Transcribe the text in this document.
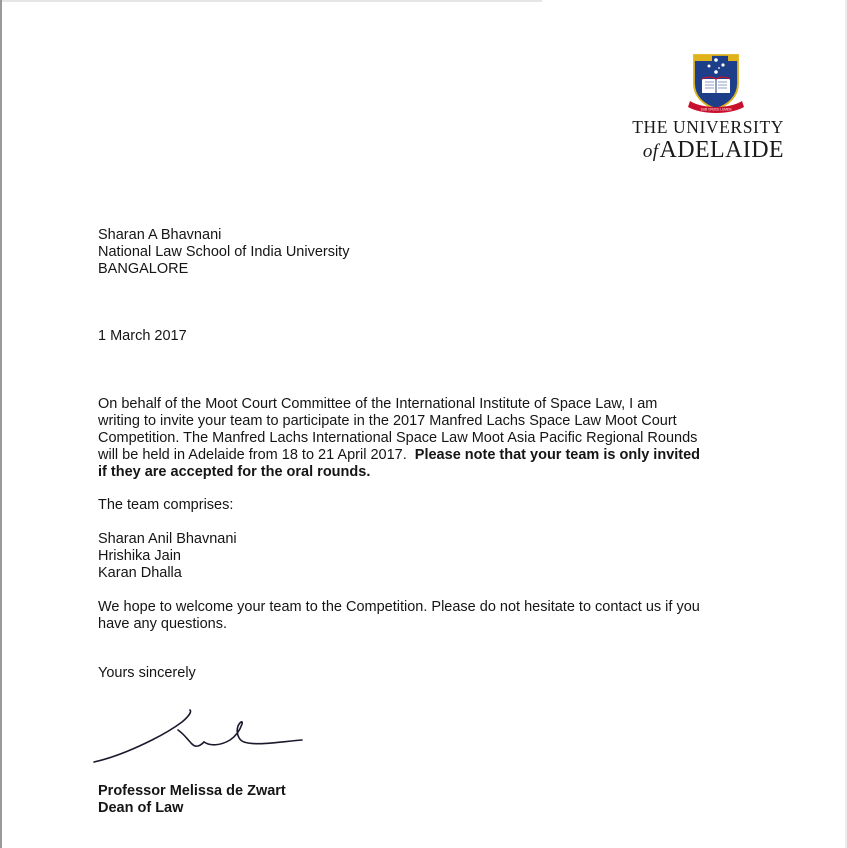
SUB CRUCE LUMEN
THE UNIVERSITY
ofADELAIDE

Sharan A Bhavnani
National Law School of India University
BANGALORE

1 March 2017

On behalf of the Moot Court Committee of the International Institute of Space Law, I am
writing to invite your team to participate in the 2017 Manfred Lachs Space Law Moot Court
Competition. The Manfred Lachs International Space Law Moot Asia Pacific Regional Rounds
will be held in Adelaide from 18 to 21 April 2017. Please note that your team is only invited
if they are accepted for the oral rounds.

The team comprises:

Sharan Anil Bhavnani
Hrishika Jain
Karan Dhalla

We hope to welcome your team to the Competition. Please do not hesitate to contact us if you
have any questions.

Yours sincerely

Professor Melissa de Zwart
Dean of Law
